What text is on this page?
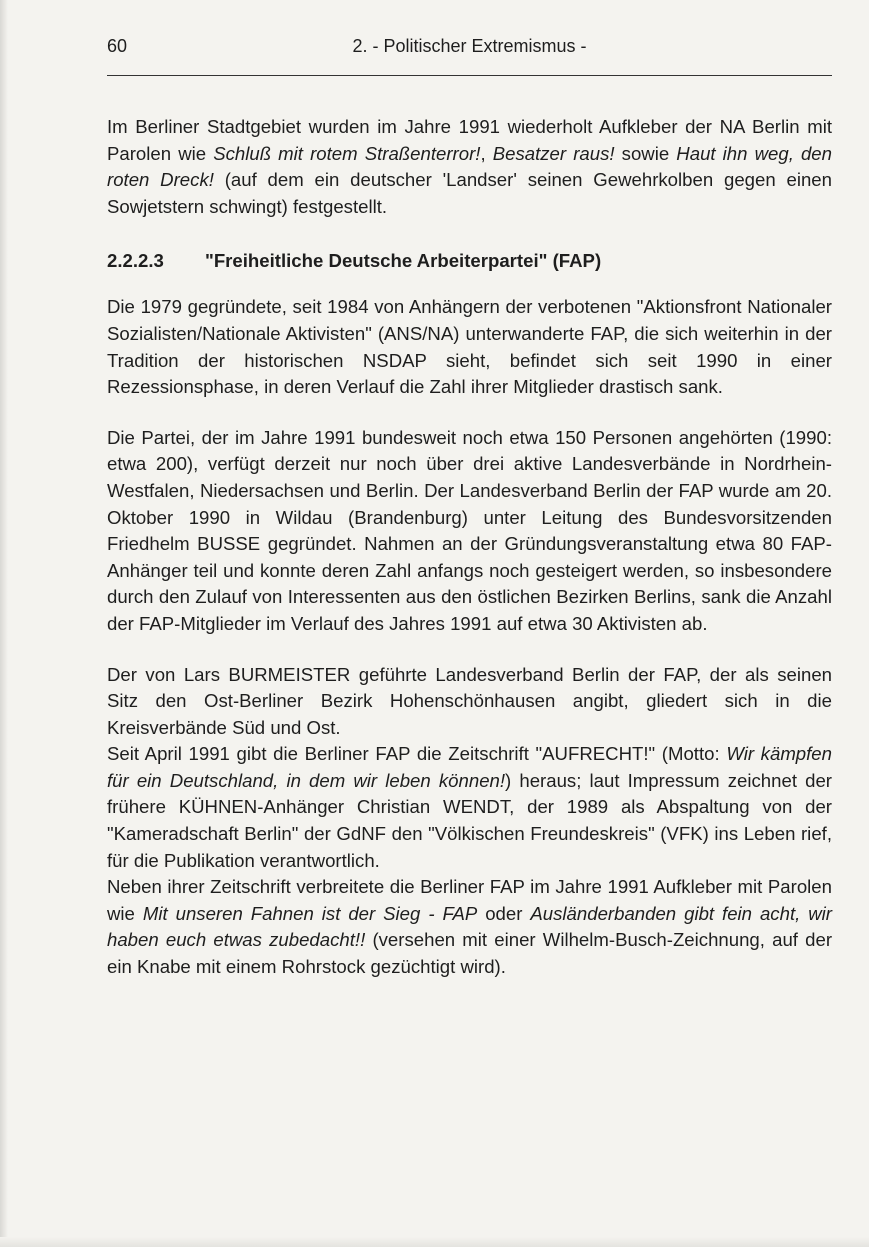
60	2. - Politischer Extremismus -

Im Berliner Stadtgebiet wurden im Jahre 1991 wiederholt Aufkleber der NA Berlin mit Parolen wie Schluß mit rotem Straßenterror!, Besatzer raus! sowie Haut ihn weg, den roten Dreck! (auf dem ein deutscher 'Landser' seinen Gewehrkolben gegen einen Sowjetstern schwingt) festgestellt.

2.2.2.3 "Freiheitliche Deutsche Arbeiterpartei" (FAP)

Die 1979 gegründete, seit 1984 von Anhängern der verbotenen "Aktionsfront Nationaler Sozialisten/Nationale Aktivisten" (ANS/NA) unterwanderte FAP, die sich weiterhin in der Tradition der historischen NSDAP sieht, befindet sich seit 1990 in einer Rezessionsphase, in deren Verlauf die Zahl ihrer Mitglieder drastisch sank.

Die Partei, der im Jahre 1991 bundesweit noch etwa 150 Personen angehörten (1990: etwa 200), verfügt derzeit nur noch über drei aktive Landesverbände in Nordrhein-Westfalen, Niedersachsen und Berlin. Der Landesverband Berlin der FAP wurde am 20. Oktober 1990 in Wildau (Brandenburg) unter Leitung des Bundesvorsitzenden Friedhelm BUSSE gegründet. Nahmen an der Gründungsveranstaltung etwa 80 FAP-Anhänger teil und konnte deren Zahl anfangs noch gesteigert werden, so insbesondere durch den Zulauf von Interessenten aus den östlichen Bezirken Berlins, sank die Anzahl der FAP-Mitglieder im Verlauf des Jahres 1991 auf etwa 30 Aktivisten ab.

Der von Lars BURMEISTER geführte Landesverband Berlin der FAP, der als seinen Sitz den Ost-Berliner Bezirk Hohenschönhausen angibt, gliedert sich in die Kreisverbände Süd und Ost.

Seit April 1991 gibt die Berliner FAP die Zeitschrift "AUFRECHT!" (Motto: Wir kämpfen für ein Deutschland, in dem wir leben können!) heraus; laut Impressum zeichnet der frühere KÜHNEN-Anhänger Christian WENDT, der 1989 als Abspaltung von der "Kameradschaft Berlin" der GdNF den "Völkischen Freundeskreis" (VFK) ins Leben rief, für die Publikation verantwortlich.

Neben ihrer Zeitschrift verbreitete die Berliner FAP im Jahre 1991 Aufkleber mit Parolen wie Mit unseren Fahnen ist der Sieg - FAP oder Ausländerbanden gibt fein acht, wir haben euch etwas zubedacht!! (versehen mit einer Wilhelm-Busch-Zeichnung, auf der ein Knabe mit einem Rohrstock gezüchtigt wird).
